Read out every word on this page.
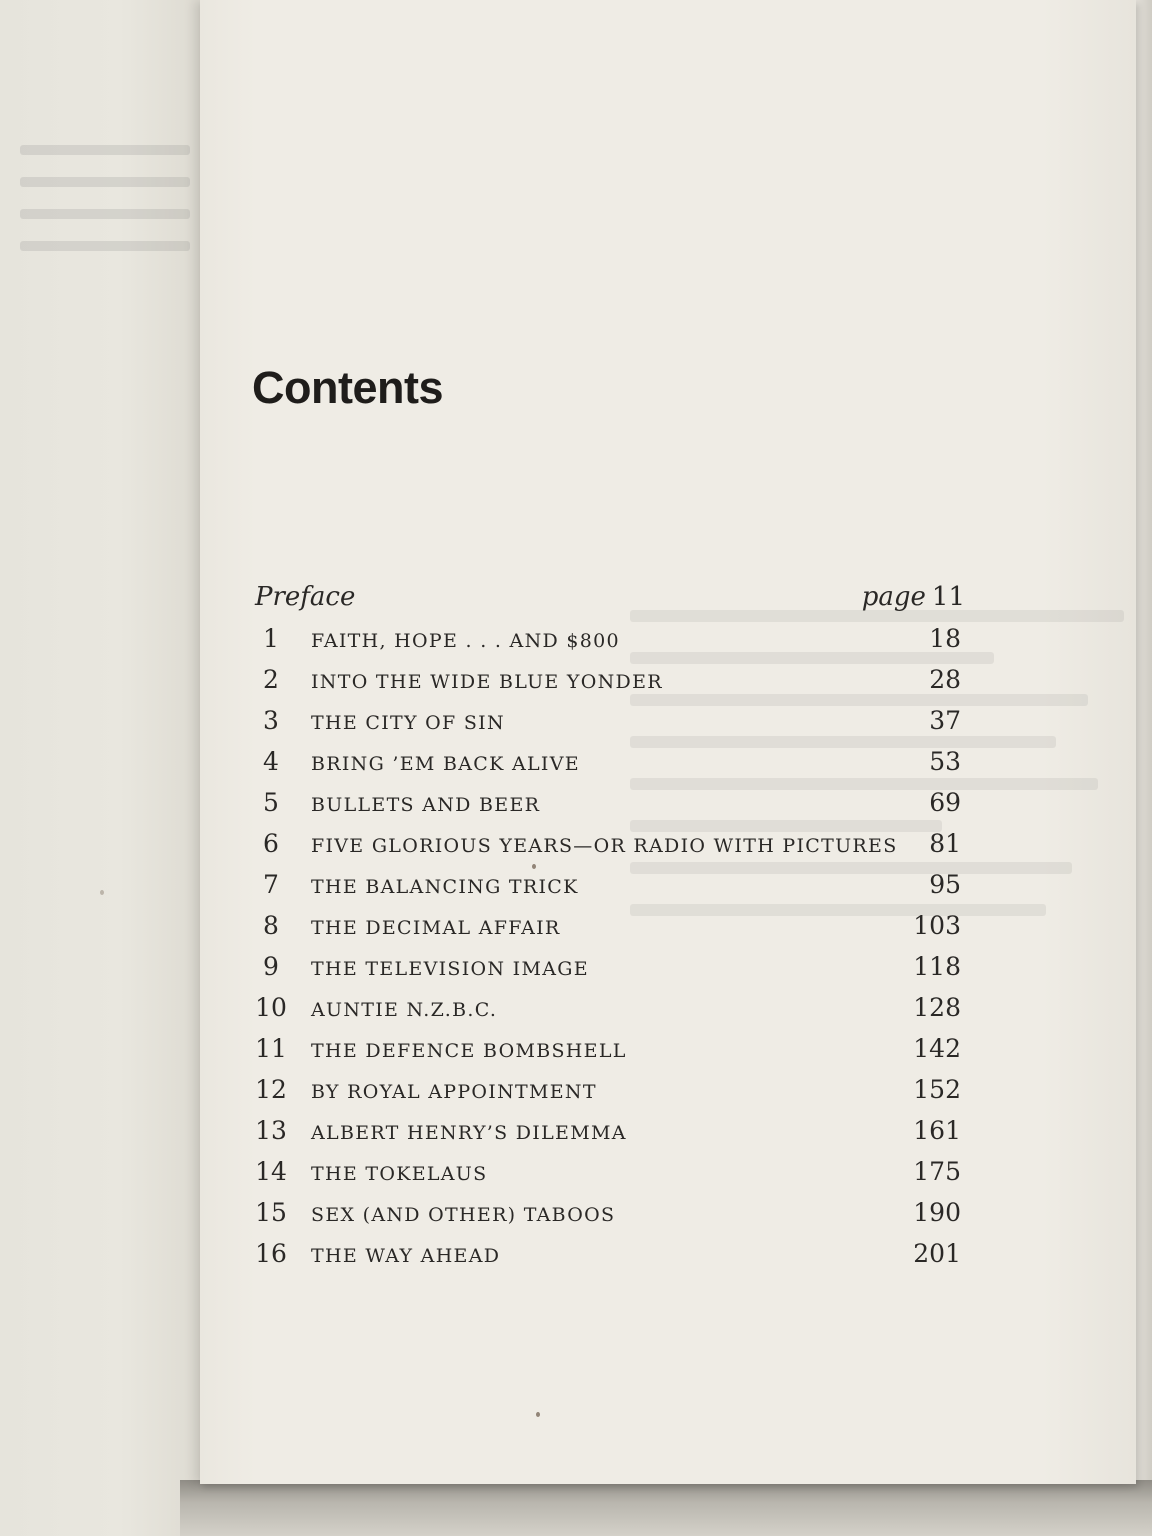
Contents
Preface	page 11
1	FAITH, HOPE . . . AND $800	18
2	INTO THE WIDE BLUE YONDER	28
3	THE CITY OF SIN	37
4	BRING ’EM BACK ALIVE	53
5	BULLETS AND BEER	69
6	FIVE GLORIOUS YEARS—OR RADIO WITH PICTURES 81
7	THE BALANCING TRICK	95
8	THE DECIMAL AFFAIR	103
9	THE TELEVISION IMAGE	118
10 AUNTIE N.Z.B.C.	128
11 THE DEFENCE BOMBSHELL	142
12 BY ROYAL APPOINTMENT	152
13 ALBERT HENRY’S DILEMMA	161
14 THE TOKELAUS	175
15 SEX (AND OTHER) TABOOS	190
16 THE WAY AHEAD	201
